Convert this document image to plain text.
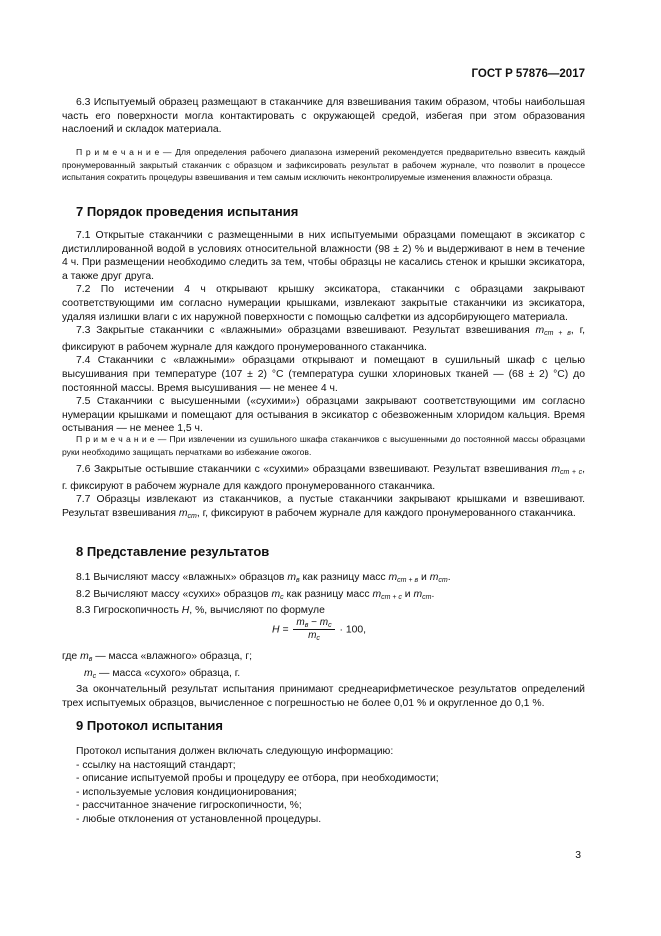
ГОСТ Р 57876—2017

6.3 Испытуемый образец размещают в стаканчике для взвешивания таким образом, чтобы наибольшая часть его поверхности могла контактировать с окружающей средой, избегая при этом образования наслоений и складок материала.

П р и м е ч а н и е — Для определения рабочего диапазона измерений рекомендуется предварительно взвесить каждый пронумерованный закрытый стаканчик с образцом и зафиксировать результат в рабочем журнале, что позволит в процессе испытания сократить процедуры взвешивания и тем самым исключить неконтролируемые изменения влажности образца.

7 Порядок проведения испытания

7.1 Открытые стаканчики с размещенными в них испытуемыми образцами помещают в эксикатор с дистиллированной водой в условиях относительной влажности (98 ± 2) % и выдерживают в нем в течение 4 ч. При размещении необходимо следить за тем, чтобы образцы не касались стенок и крышки эксикатора, а также друг друга.

7.2 По истечении 4 ч открывают крышку эксикатора, стаканчики с образцами закрывают соответствующими им согласно нумерации крышками, извлекают закрытые стаканчики из эксикатора, удаляя излишки влаги с их наружной поверхности с помощью салфетки из адсорбирующего материала.

7.3 Закрытые стаканчики с «влажными» образцами взвешивают. Результат взвешивания $m_{ст + в}$, г, фиксируют в рабочем журнале для каждого пронумерованного стаканчика.

7.4 Стаканчики с «влажными» образцами открывают и помещают в сушильный шкаф с целью высушивания при температуре (107 ± 2) °С (температура сушки хлориновых тканей — (68 ± 2) °С) до постоянной массы. Время высушивания — не менее 4 ч.

7.5 Стаканчики с высушенными («сухими») образцами закрывают соответствующими им согласно нумерации крышками и помещают для остывания в эксикатор с обезвоженным хлоридом кальция. Время остывания — не менее 1,5 ч.

П р и м е ч а н и е — При извлечении из сушильного шкафа стаканчиков с высушенными до постоянной массы образцами руки необходимо защищать перчатками во избежание ожогов.

7.6 Закрытые остывшие стаканчики с «сухими» образцами взвешивают. Результат взвешивания $m_{ст + с}$, г. фиксируют в рабочем журнале для каждого пронумерованного стаканчика.

7.7 Образцы извлекают из стаканчиков, а пустые стаканчики закрывают крышками и взвешивают. Результат взвешивания $m_{ст}$, г, фиксируют в рабочем журнале для каждого пронумерованного стаканчика.

8 Представление результатов

8.1 Вычисляют массу «влажных» образцов $m_в$ как разницу масс $m_{ст + в}$ и $m_{ст}$.

8.2 Вычисляют массу «сухих» образцов $m_с$ как разницу масс $m_{ст + с}$ и $m_{ст}$.

8.3 Гигроскопичность H, %, вычисляют по формуле

$H = \frac{m_в - m_с}{m_с} \cdot 100$,

где $m_в$ — масса «влажного» образца, г;

$m_с$ — масса «сухого» образца, г.

За окончательный результат испытания принимают среднеарифметическое результатов определений трех испытуемых образцов, вычисленное с погрешностью не более 0,01 % и округленное до 0,1 %.

9 Протокол испытания

Протокол испытания должен включать следующую информацию:

- ссылку на настоящий стандарт;

- описание испытуемой пробы и процедуру ее отбора, при необходимости;

- используемые условия кондиционирования;

- рассчитанное значение гигроскопичности, %;

- любые отклонения от установленной процедуры.

3
